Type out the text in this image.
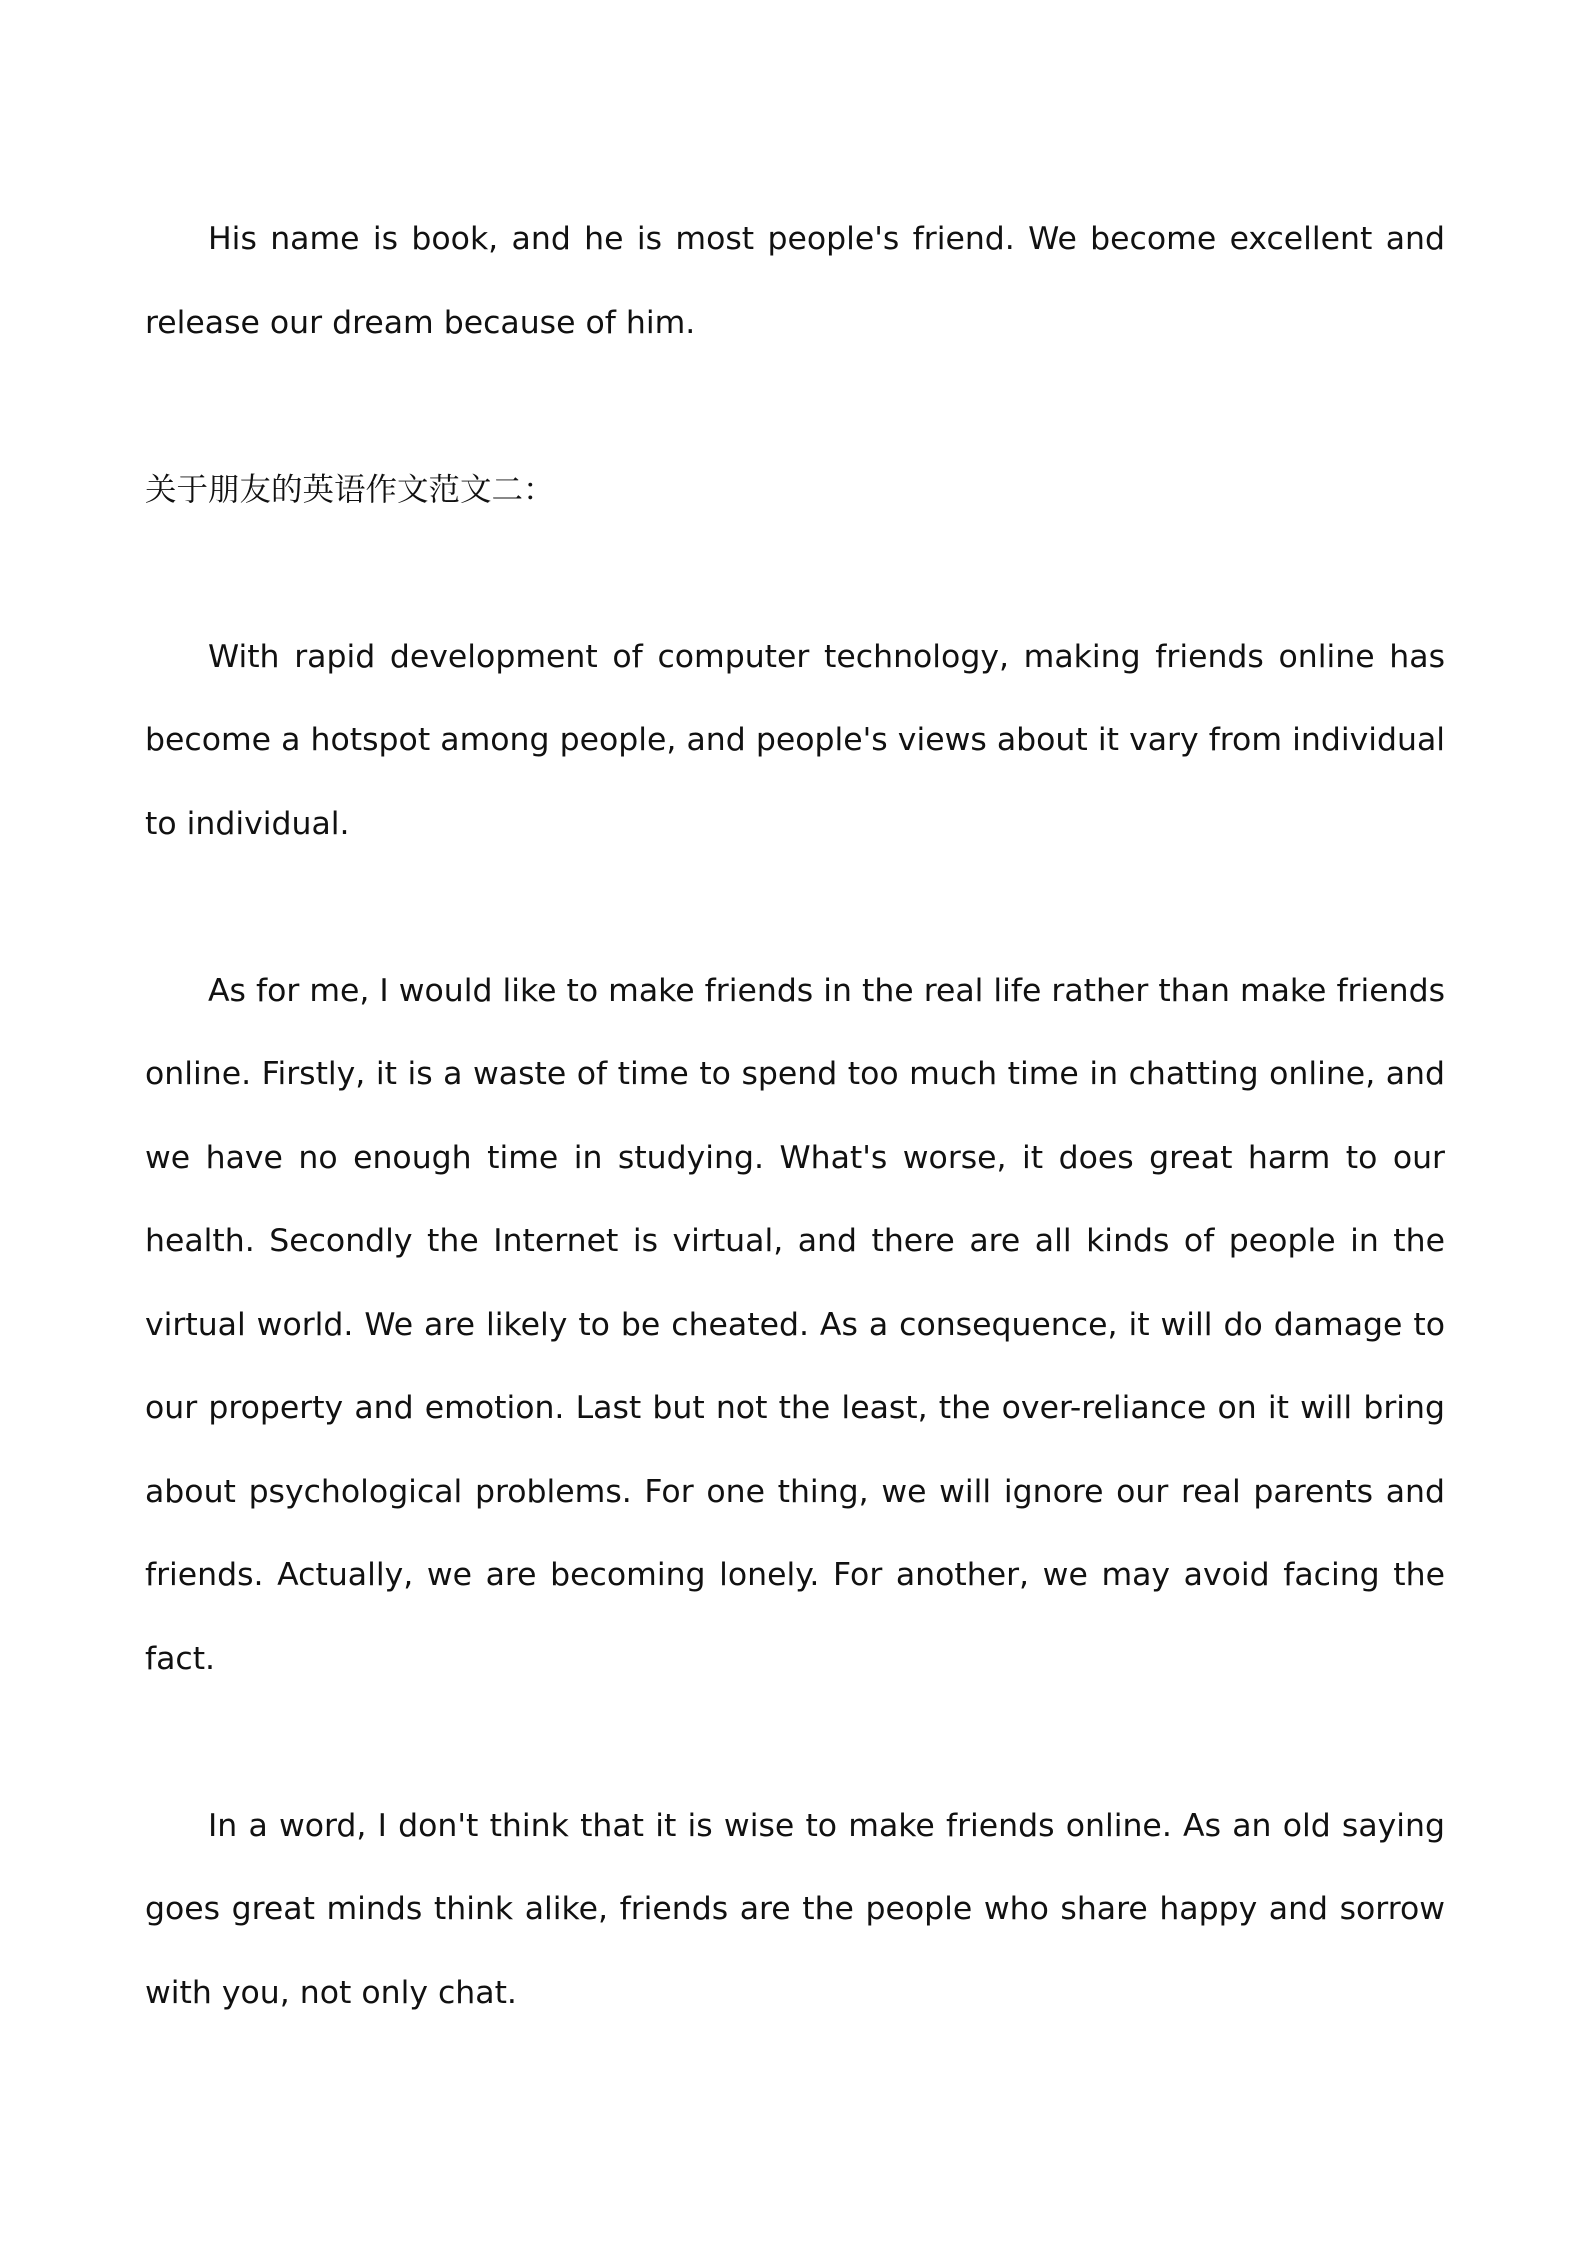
His name is book, and he is most people's friend. We become excellent and release our dream because of him.

关于朋友的英语作文范文二：

With rapid development of computer technology, making friends online has become a hotspot among people, and people's views about it vary from individual to individual.

As for me, I would like to make friends in the real life rather than make friends online. Firstly, it is a waste of time to spend too much time in chatting online, and we have no enough time in studying. What's worse, it does great harm to our health. Secondly the Internet is virtual, and there are all kinds of people in the virtual world. We are likely to be cheated. As a consequence, it will do damage to our property and emotion. Last but not the least, the over-reliance on it will bring about psychological problems. For one thing, we will ignore our real parents and friends. Actually, we are becoming lonely. For another, we may avoid facing the fact.

In a word, I don't think that it is wise to make friends online. As an old saying goes great minds think alike, friends are the people who share happy and sorrow with you, not only chat.
